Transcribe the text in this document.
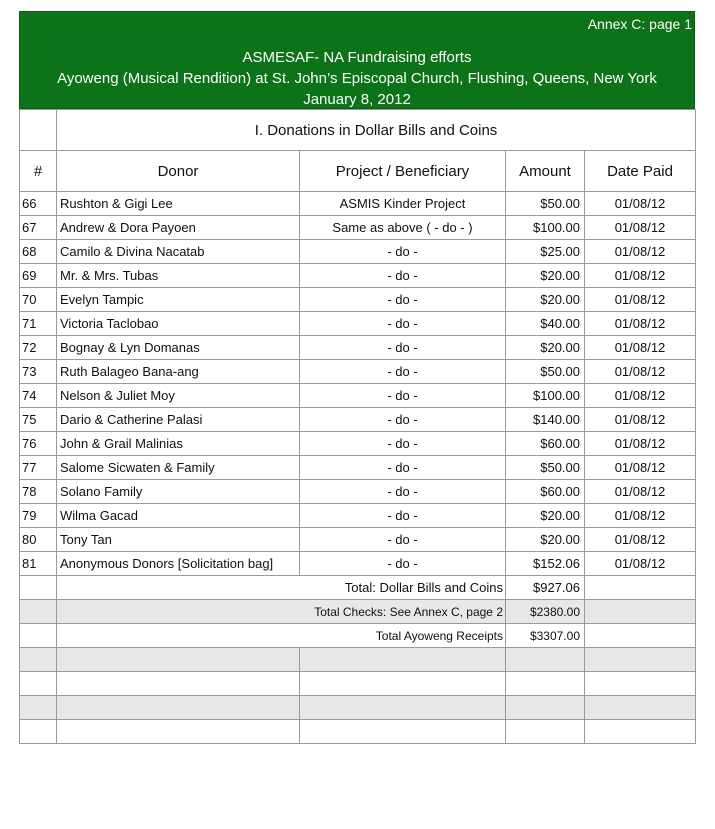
Annex C: page 1
ASMESAF- NA Fundraising efforts
Ayoweng (Musical Rendition) at St. John’s Episcopal Church, Flushing, Queens, New York
January 8, 2012
	I. Donations in Dollar Bills and Coins			
#	Donor	Project / Beneficiary	Amount	Date Paid
66	Rushton & Gigi Lee	ASMIS Kinder Project	$50.00	01/08/12
67	Andrew & Dora Payoen	Same as above ( - do - )	$100.00	01/08/12
68	Camilo & Divina Nacatab	- do -	$25.00	01/08/12
69	Mr. & Mrs. Tubas	- do -	$20.00	01/08/12
70	Evelyn Tampic	- do -	$20.00	01/08/12
71	Victoria Taclobao	- do -	$40.00	01/08/12
72	Bognay & Lyn Domanas	- do -	$20.00	01/08/12
73	Ruth Balageo Bana-ang	- do -	$50.00	01/08/12
74	Nelson & Juliet Moy	- do -	$100.00	01/08/12
75	Dario & Catherine Palasi	- do -	$140.00	01/08/12
76	John & Grail Malinias	- do -	$60.00	01/08/12
77	Salome Sicwaten & Family	- do -	$50.00	01/08/12
78	Solano Family	- do -	$60.00	01/08/12
79	Wilma Gacad	- do -	$20.00	01/08/12
80	Tony Tan	- do -	$20.00	01/08/12
81	Anonymous Donors [Solicitation bag]	- do -	$152.06	01/08/12
	Total: Dollar Bills and Coins		$927.06	
	Total Checks: See Annex C, page 2		$2380.00	
	Total Ayoweng Receipts		$3307.00	
